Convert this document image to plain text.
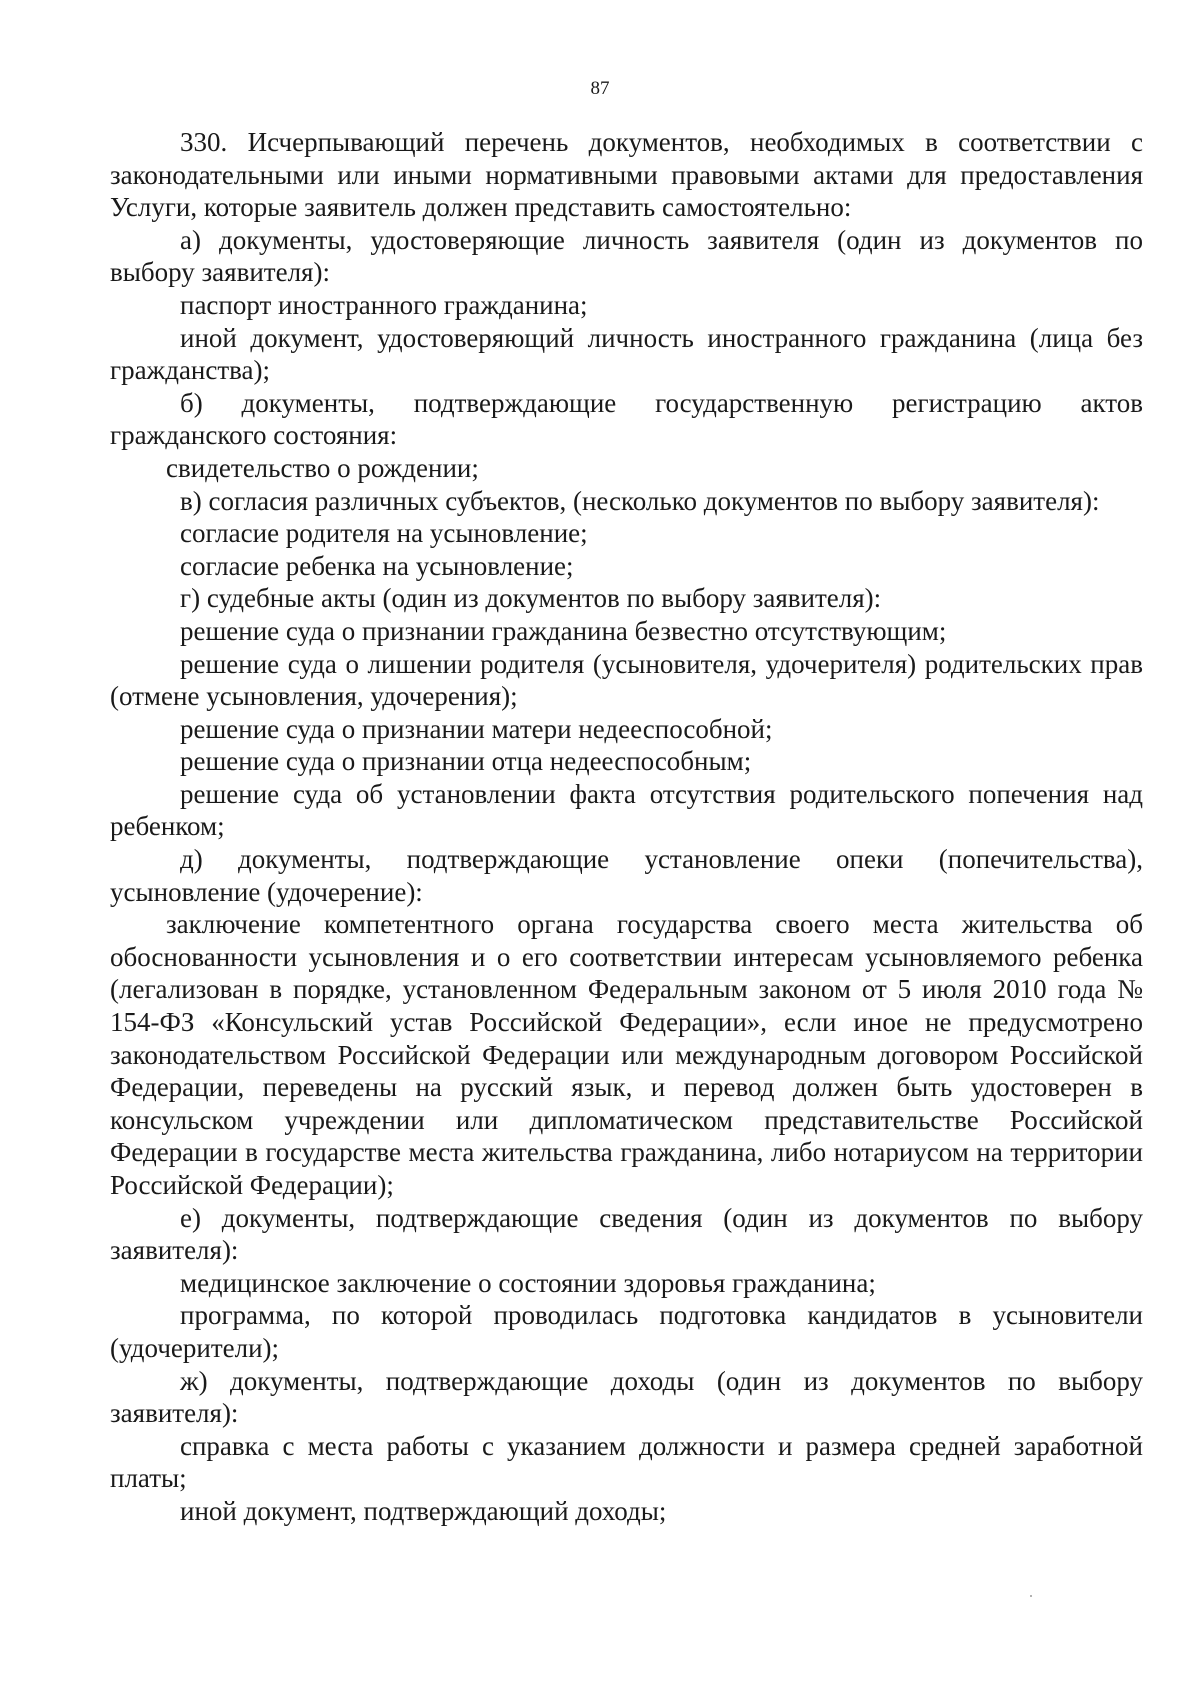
87

330. Исчерпывающий перечень документов, необходимых в соответствии с законодательными или иными нормативными правовыми актами для предоставления Услуги, которые заявитель должен представить самостоятельно:

а) документы, удостоверяющие личность заявителя (один из документов по выбору заявителя):

паспорт иностранного гражданина;

иной документ, удостоверяющий личность иностранного гражданина (лица без гражданства);

б) документы, подтверждающие государственную регистрацию актов гражданского состояния:

свидетельство о рождении;

в) согласия различных субъектов, (несколько документов по выбору заявителя):

согласие родителя на усыновление;

согласие ребенка на усыновление;

г) судебные акты (один из документов по выбору заявителя):

решение суда о признании гражданина безвестно отсутствующим;

решение суда о лишении родителя (усыновителя, удочерителя) родительских прав (отмене усыновления, удочерения);

решение суда о признании матери недееспособной;

решение суда о признании отца недееспособным;

решение суда об установлении факта отсутствия родительского попечения над ребенком;

д) документы, подтверждающие установление опеки (попечительства), усыновление (удочерение):

заключение компетентного органа государства своего места жительства об обоснованности усыновления и о его соответствии интересам усыновляемого ребенка (легализован в порядке, установленном Федеральным законом от 5 июля 2010 года № 154-ФЗ «Консульский устав Российской Федерации», если иное не предусмотрено законодательством Российской Федерации или международным договором Российской Федерации, переведены на русский язык, и перевод должен быть удостоверен в консульском учреждении или дипломатическом представительстве Российской Федерации в государстве места жительства гражданина, либо нотариусом на территории Российской Федерации);

е) документы, подтверждающие сведения (один из документов по выбору заявителя):

медицинское заключение о состоянии здоровья гражданина;

программа, по которой проводилась подготовка кандидатов в усыновители (удочерители);

ж) документы, подтверждающие доходы (один из документов по выбору заявителя):

справка с места работы с указанием должности и размера средней заработной платы;

иной документ, подтверждающий доходы;
